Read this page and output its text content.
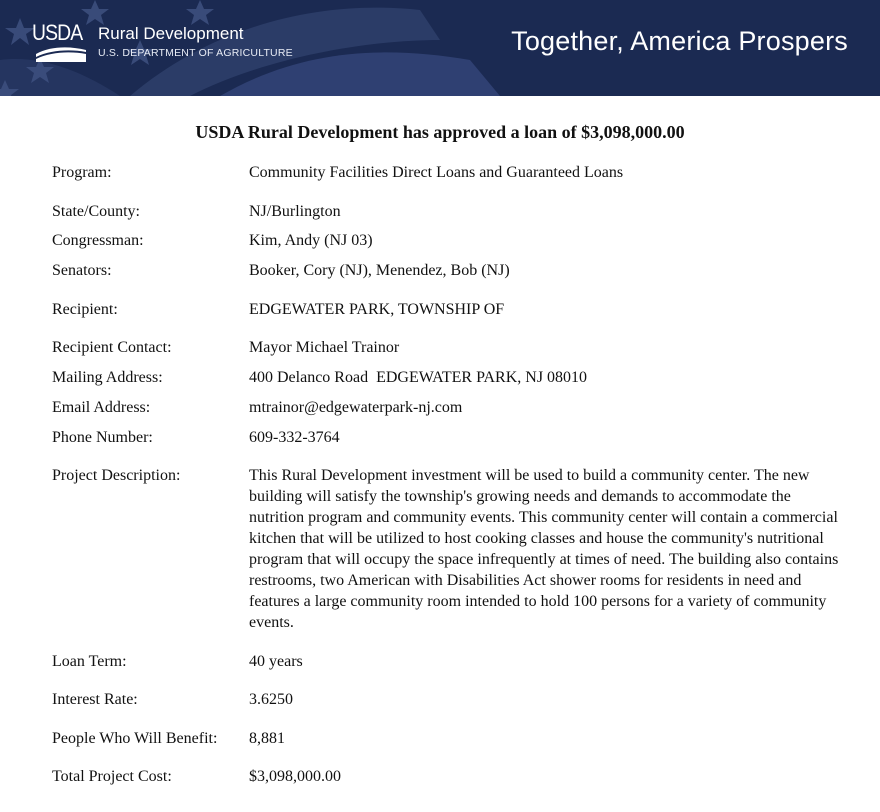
USDA Rural Development
U.S. DEPARTMENT OF AGRICULTURE	Together, America Prospers
USDA Rural Development has approved a loan of $3,098,000.00
Program:	Community Facilities Direct Loans and Guaranteed Loans
State/County:	NJ/Burlington
Congressman:	Kim, Andy (NJ 03)
Senators:	Booker, Cory (NJ), Menendez, Bob (NJ)
Recipient:	EDGEWATER PARK, TOWNSHIP OF
Recipient Contact:	Mayor Michael Trainor
Mailing Address:	400 Delanco Road  EDGEWATER PARK, NJ 08010
Email Address:	mtrainor@edgewaterpark-nj.com
Phone Number:	609-332-3764
Project Description:	This Rural Development investment will be used to build a community center. The new building will satisfy the township's growing needs and demands to accommodate the nutrition program and community events. This community center will contain a commercial kitchen that will be utilized to host cooking classes and house the community's nutritional program that will occupy the space infrequently at times of need. The building also contains restrooms, two American with Disabilities Act shower rooms for residents in need and features a large community room intended to hold 100 persons for a variety of community events.
Loan Term:	40 years
Interest Rate:	3.6250
People Who Will Benefit:	8,881
Total Project Cost:	$3,098,000.00
